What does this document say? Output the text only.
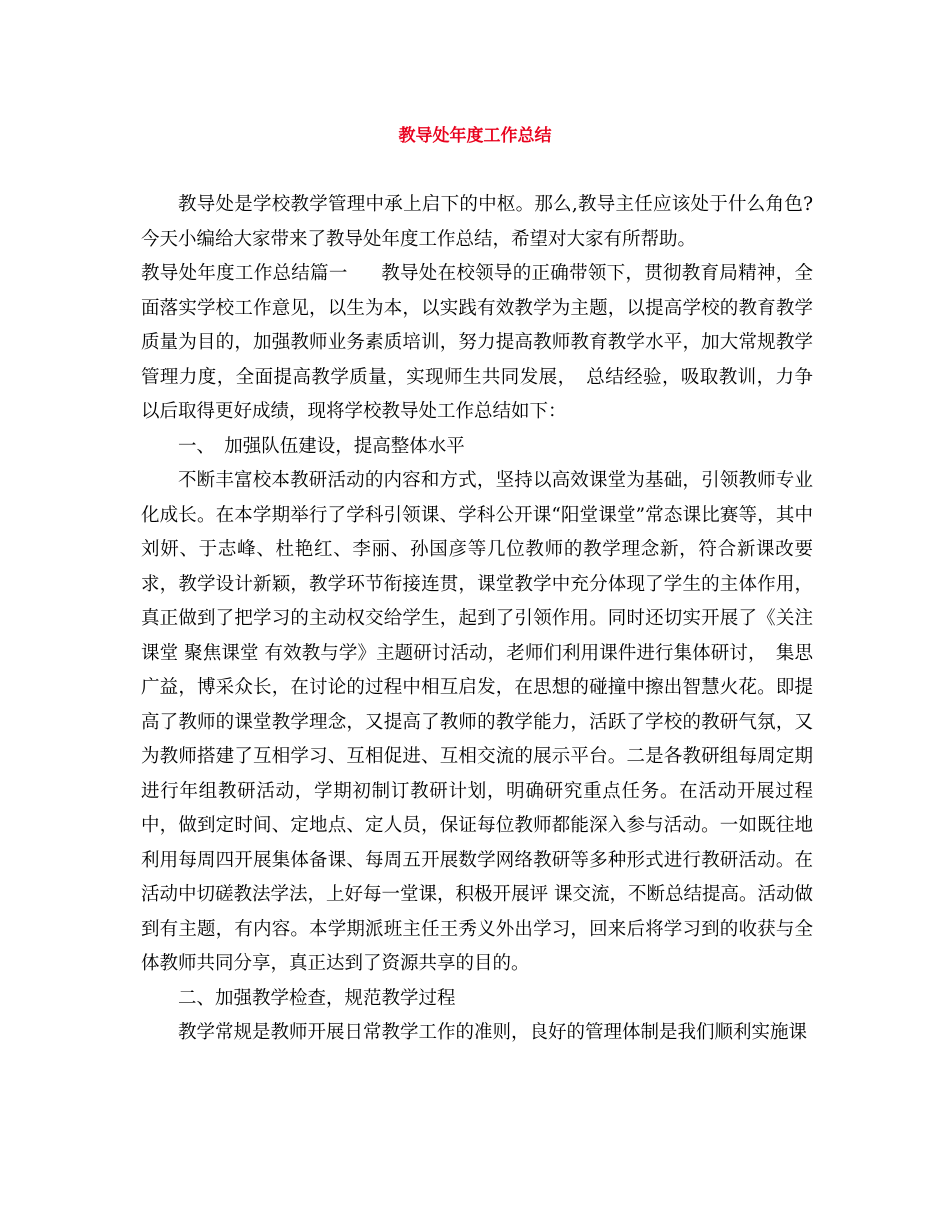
教导处年度工作总结

教导处是学校教学管理中承上启下的中枢。那么,教导主任应该处于什么角色?今天小编给大家带来了教导处年度工作总结，希望对大家有所帮助。

教导处年度工作总结篇一 教导处在校领导的正确带领下，贯彻教育局精神，全面落实学校工作意见，以生为本，以实践有效教学为主题，以提高学校的教育教学质量为目的，加强教师业务素质培训，努力提高教师教育教学水平，加大常规教学管理力度，全面提高教学质量，实现师生共同发展， 总结经验，吸取教训，力争以后取得更好成绩，现将学校教导处工作总结如下：

一、 加强队伍建设，提高整体水平

不断丰富校本教研活动的内容和方式，坚持以高效课堂为基础，引领教师专业化成长。在本学期举行了学科引领课、学科公开课“阳堂课堂”常态课比赛等，其中刘妍、于志峰、杜艳红、李丽、孙国彦等几位教师的教学理念新，符合新课改要求，教学设计新颖，教学环节衔接连贯，课堂教学中充分体现了学生的主体作用，真正做到了把学习的主动权交给学生，起到了引领作用。同时还切实开展了《关注课堂 聚焦课堂 有效教与学》主题研讨活动，老师们利用课件进行集体研讨， 集思广益，博采众长，在讨论的过程中相互启发，在思想的碰撞中擦出智慧火花。即提高了教师的课堂教学理念，又提高了教师的教学能力，活跃了学校的教研气氛，又为教师搭建了互相学习、互相促进、互相交流的展示平台。二是各教研组每周定期进行年组教研活动，学期初制订教研计划，明确研究重点任务。在活动开展过程中，做到定时间、定地点、定人员，保证每位教师都能深入参与活动。一如既往地利用每周四开展集体备课、每周五开展数学网络教研等多种形式进行教研活动。在活动中切磋教法学法，上好每一堂课，积极开展评 课交流，不断总结提高。活动做到有主题，有内容。本学期派班主任王秀义外出学习，回来后将学习到的收获与全体教师共同分享，真正达到了资源共享的目的。

二、加强教学检查，规范教学过程

教学常规是教师开展日常教学工作的准则，良好的管理体制是我们顺利实施课
